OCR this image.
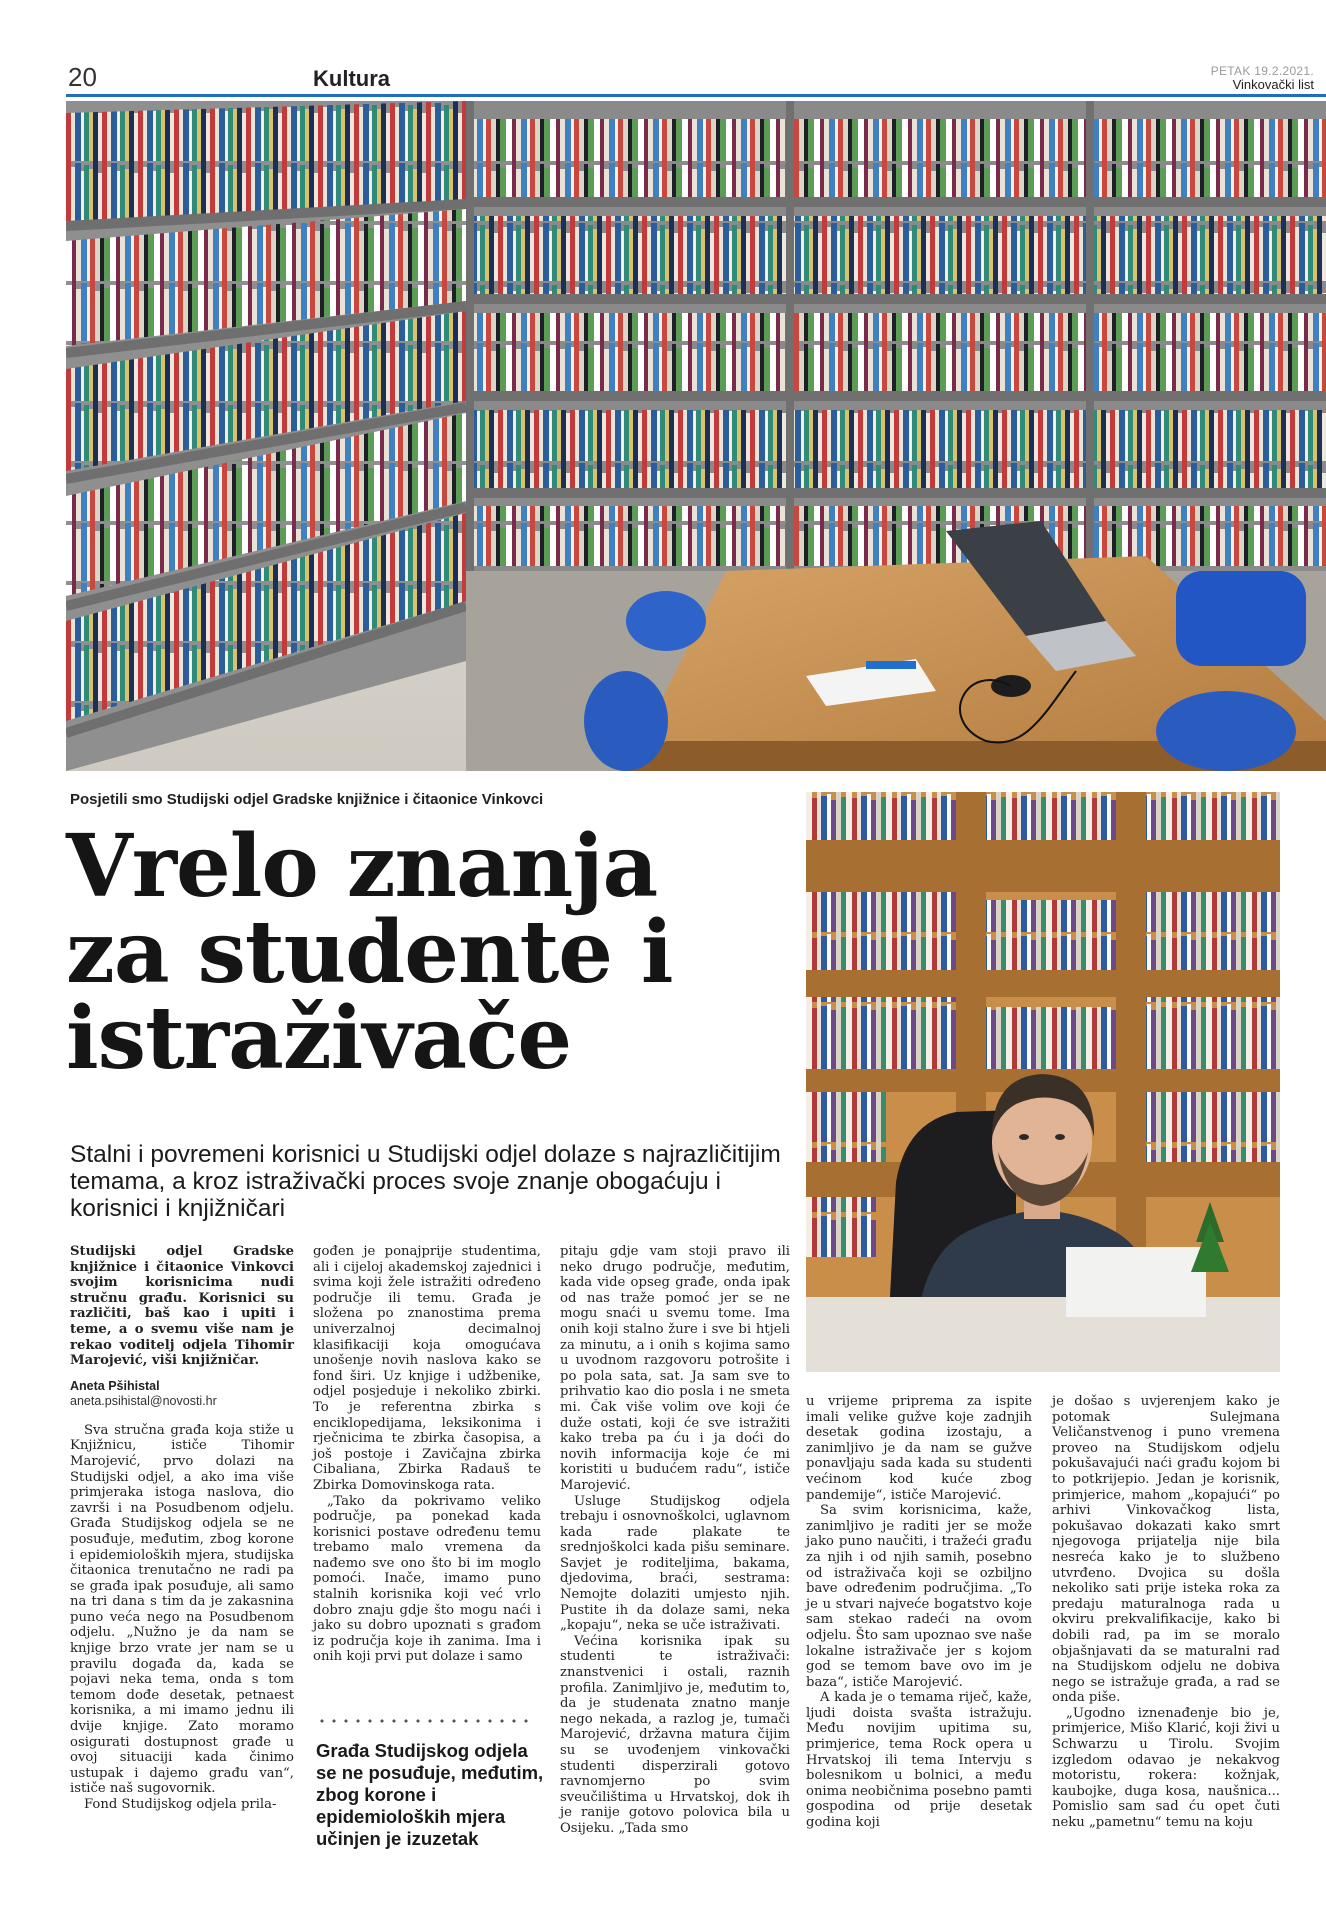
20	Kultura	PETAK 19.2.2021.
Vinkovački list
Posjetili smo Studijski odjel Gradske knjižnice i čitaonice Vinkovci
Vrelo znanja
za studente i
istraživače
Stalni i povremeni korisnici u Studijski odjel dolaze s najrazličitijim temama, a kroz istraživački proces svoje znanje obogaćuju i korisnici i knjižničari

Studijski odjel Gradske knjižnice i čitaonice Vinkovci svojim korisnicima nudi stručnu građu. Korisnici su različiti, baš kao i upiti i teme, a o svemu više nam je rekao voditelj odjela Tihomir Marojević, viši knjižničar.

Aneta Pšihistal
aneta.psihistal@novosti.hr

Sva stručna građa koja stiže u Knjižnicu, ističe Tihomir Marojević, prvo dolazi na Studijski odjel, a ako ima više primjeraka istoga naslova, dio završi i na Posudbenom odjelu. Građa Studijskog odjela se ne posuđuje, međutim, zbog korone i epidemioloških mjera, studijska čitaonica trenutačno ne radi pa se građa ipak posuđuje, ali samo na tri dana s tim da je zakasnina puno veća nego na Posudbenom odjelu. „Nužno je da nam se knjige brzo vrate jer nam se u pravilu događa da, kada se pojavi neka tema, onda s tom temom dođe desetak, petnaest korisnika, a mi imamo jednu ili dvije knjige. Zato moramo osigurati dostupnost građe u ovoj situaciji kada činimo ustupak i dajemo građu van“, ističe naš sugovornik.

Fond Studijskog odjela prila-

gođen je ponajprije studentima, ali i cijeloj akademskoj zajednici i svima koji žele istražiti određeno područje ili temu. Građa je složena po znanostima prema univerzalnoj decimalnoj klasifikaciji koja omogućava unošenje novih naslova kako se fond širi. Uz knjige i udžbenike, odjel posjeduje i nekoliko zbirki. To je referentna zbirka s enciklopedijama, leksikonima i rječnicima te zbirka časopisa, a još postoje i Zavičajna zbirka Cibaliana, Zbirka Radauš te Zbirka Domovinskoga rata.

„Tako da pokrivamo veliko područje, pa ponekad kada korisnici postave određenu temu trebamo malo vremena da nađemo sve ono što bi im moglo pomoći. Inače, imamo puno stalnih korisnika koji već vrlo dobro znaju gdje što mogu naći i jako su dobro upoznati s građom iz područja koje ih zanima. Ima i onih koji prvi put dolaze i samo

Građa Studijskog odjela se ne posuđuje, međutim, zbog korone i epidemioloških mjera učinjen je izuzetak

pitaju gdje vam stoji pravo ili neko drugo područje, međutim, kada vide opseg građe, onda ipak od nas traže pomoć jer se ne mogu snaći u svemu tome. Ima onih koji stalno žure i sve bi htjeli za minutu, a i onih s kojima samo u uvodnom razgovoru potrošite i po pola sata, sat. Ja sam sve to prihvatio kao dio posla i ne smeta mi. Čak više volim ove koji će duže ostati, koji će sve istražiti kako treba pa ću i ja doći do novih informacija koje će mi koristiti u budućem radu“, ističe Marojević.

Usluge Studijskog odjela trebaju i osnovnoškolci, uglavnom kada rade plakate te srednjoškolci kada pišu seminare. Savjet je roditeljima, bakama, djedovima, braći, sestrama: Nemojte dolaziti umjesto njih. Pustite ih da dolaze sami, neka „kopaju“, neka se uče istraživati.

Većina korisnika ipak su studenti te istraživači: znanstvenici i ostali, raznih profila. Zanimljivo je, međutim to, da je studenata znatno manje nego nekada, a razlog je, tumači Marojević, državna matura čijim su se uvođenjem vinkovački studenti disperzirali gotovo ravnomjerno po svim sveučilištima u Hrvatskoj, dok ih je ranije gotovo polovica bila u Osijeku. „Tada smo

u vrijeme priprema za ispite imali velike gužve koje zadnjih desetak godina izostaju, a zanimljivo je da nam se gužve ponavljaju sada kada su studenti većinom kod kuće zbog pandemije“, ističe Marojević.

Sa svim korisnicima, kaže, zanimljivo je raditi jer se može jako puno naučiti, i tražeći građu za njih i od njih samih, posebno od istraživača koji se ozbiljno bave određenim područjima. „To je u stvari najveće bogatstvo koje sam stekao radeći na ovom odjelu. Što sam upoznao sve naše lokalne istraživače jer s kojom god se temom bave ovo im je baza“, ističe Marojević.

A kada je o temama riječ, kaže, ljudi doista svašta istražuju. Među novijim upitima su, primjerice, tema Rock opera u Hrvatskoj ili tema Intervju s bolesnikom u bolnici, a među onima neobičnima posebno pamti gospodina od prije desetak godina koji

je došao s uvjerenjem kako je potomak Sulejmana Veličanstvenog i puno vremena proveo na Studijskom odjelu pokušavajući naći građu kojom bi to potkrijepio. Jedan je korisnik, primjerice, mahom „kopajući“ po arhivi Vinkovačkog lista, pokušavao dokazati kako smrt njegovoga prijatelja nije bila nesreća kako je to službeno utvrđeno. Dvojica su došla nekoliko sati prije isteka roka za predaju maturalnoga rada u okviru prekvalifikacije, kako bi dobili rad, pa im se moralo objašnjavati da se maturalni rad na Studijskom odjelu ne dobiva nego se istražuje građa, a rad se onda piše.

„Ugodno iznenađenje bio je, primjerice, Mišo Klarić, koji živi u Schwarzu u Tirolu. Svojim izgledom odavao je nekakvog motoristu, rokera: kožnjak, kaubojke, duga kosa, naušnica... Pomislio sam sad ću opet čuti neku „pametnu“ temu na koju
